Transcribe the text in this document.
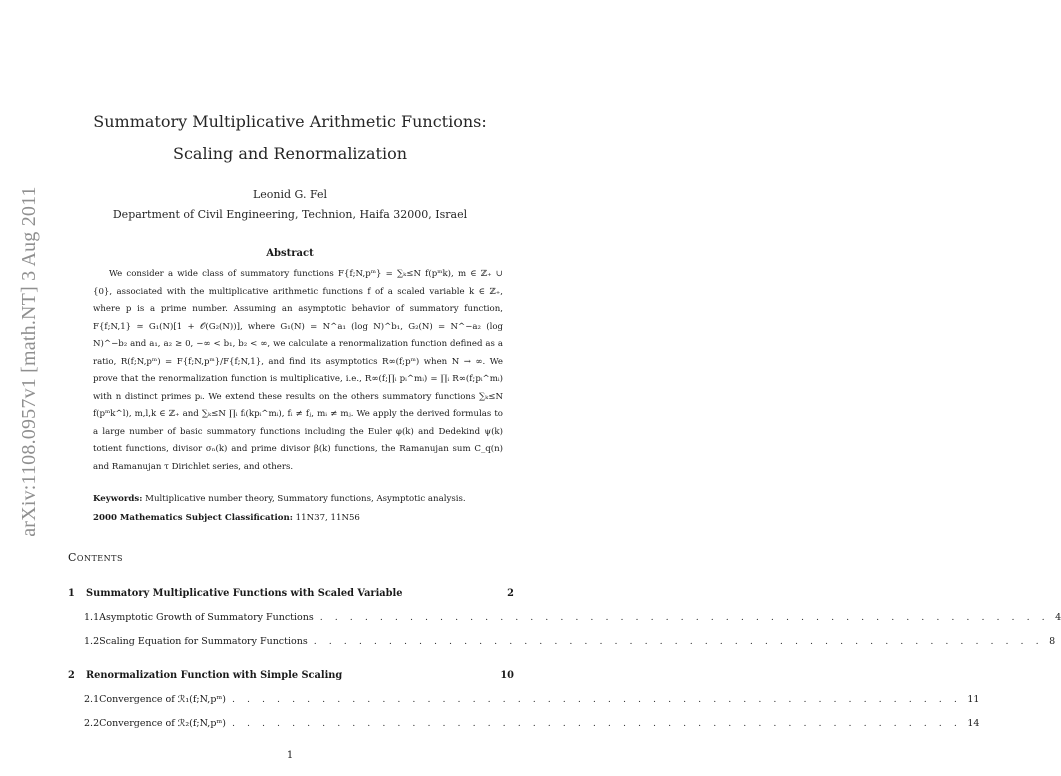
arXiv:1108.0957v1 [math.NT] 3 Aug 2011
Summatory Multiplicative Arithmetic Functions:
Scaling and Renormalization
Leonid G. Fel
Department of Civil Engineering, Technion, Haifa 32000, Israel
Abstract

We consider a wide class of summatory functions F{f;N,pᵐ} = ∑ₖ≤N f(pᵐk), m ∈ ℤ₊ ∪ {0}, associated with the multiplicative arithmetic functions f of a scaled variable k ∈ ℤ₊, where p is a prime number. Assuming an asymptotic behavior of summatory function, F{f;N,1} ≃ G₁(N)[1 + 𝒪(G₂(N))], where G₁(N) = N^a₁ (log N)^b₁, G₂(N) = N^−a₂ (log N)^−b₂ and a₁, a₂ ≥ 0, −∞ < b₁, b₂ < ∞, we calculate a renormalization function defined as a ratio, R(f;N,pᵐ) = F{f;N,pᵐ}/F{f;N,1}, and find its asymptotics R∞(f;pᵐ) when N → ∞. We prove that the renormalization function is multiplicative, i.e., R∞(f;∏ᵢ pᵢ^mᵢ) = ∏ᵢ R∞(f;pᵢ^mᵢ) with n distinct primes pᵢ. We extend these results on the others summatory functions ∑ₖ≤N f(pᵐk^l), m,l,k ∈ ℤ₊ and ∑ₖ≤N ∏ᵢ fᵢ(kpᵢ^mᵢ), fᵢ ≠ fⱼ, mᵢ ≠ mⱼ. We apply the derived formulas to a large number of basic summatory functions including the Euler φ(k) and Dedekind ψ(k) totient functions, divisor σₙ(k) and prime divisor β(k) functions, the Ramanujan sum C_q(n) and Ramanujan τ Dirichlet series, and others.

Keywords: Multiplicative number theory, Summatory functions, Asymptotic analysis.
2000 Mathematics Subject Classification: 11N37, 11N56
Contents
1	Summatory Multiplicative Functions with Scaled Variable	2
1.1 Asymptotic Growth of Summatory Functions . . . . . . . . . . . . . . . . . . . . . . . . . . . . . . . . . . . . . . . . . . . . . . . . . 4
1.2 Scaling Equation for Summatory Functions . . . . . . . . . . . . . . . . . . . . . . . . . . . . . . . . . . . . . . . . . . . . . . . . . 8
2	Renormalization Function with Simple Scaling	10
2.1 Convergence of ℛ₁(f;N,pᵐ) . . . . . . . . . . . . . . . . . . . . . . . . . . . . . . . . . . . . . . . . . . . . . . . . . 11
2.2 Convergence of ℛ₂(f;N,pᵐ) . . . . . . . . . . . . . . . . . . . . . . . . . . . . . . . . . . . . . . . . . . . . . . . . . 14
1
